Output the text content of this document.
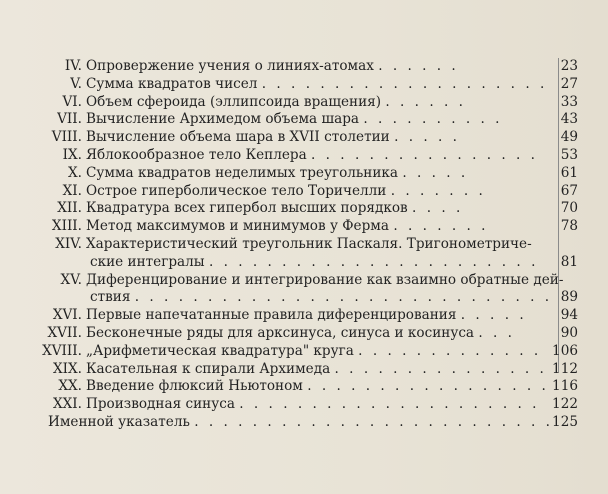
IV. Опровержение учения о линиях-атомах . . . . . .	23
V. Сумма квадратов чисел . . . . . . . . . . . . . . . . . . . . 27
VI. Объем сфероида (эллипсоида вращения) . . . . . .	33
VII. Вычисление Архимедом объема шара . . . . . . . . . .	43
VIII. Вычисление объема шара в XVII столетии . . . . .	49
IX. Яблокообразное тело Кеплера . . . . . . . . . . . . . . . . 53
X. Сумма квадратов неделимых треугольника . . . . .	61
XI. Острое гиперболическое тело Торичелли . . . . . . .	67
XII. Квадратура всех гипербол высших порядков . . . .	70
XIII. Метод максимумов и минимумов у Ферма . . . . . . .	78
XIV. Характеристический треугольник Паскаля. Тригонометриче-
ские интегралы . . . . . . . . . . . . . . . . . . . . . . . 81
XV. Диференцирование и интегрирование как взаимно обратные дей-
ствия . . . . . . . . . . . . . . . . . . . . . . . . . . . . . 89
XVI. Первые напечатанные правила диференцирования . . . . .	94
XVII. Бесконечные ряды для арксинуса, синуса и косинуса . . .	90
XVIII. „Арифметическая квадратура" круга . . . . . . . . . . . . . 106
XIX. Касательная к спирали Архимеда . . . . . . . . . . . . . . . 112
XX. Введение флюксий Ньютоном . . . . . . . . . . . . . . . . . 116
XXI. Производная синуса . . . . . . . . . . . . . . . . . . . . . 122
Именной указатель . . . . . . . . . . . . . . . . . . . . . . . . . 125
